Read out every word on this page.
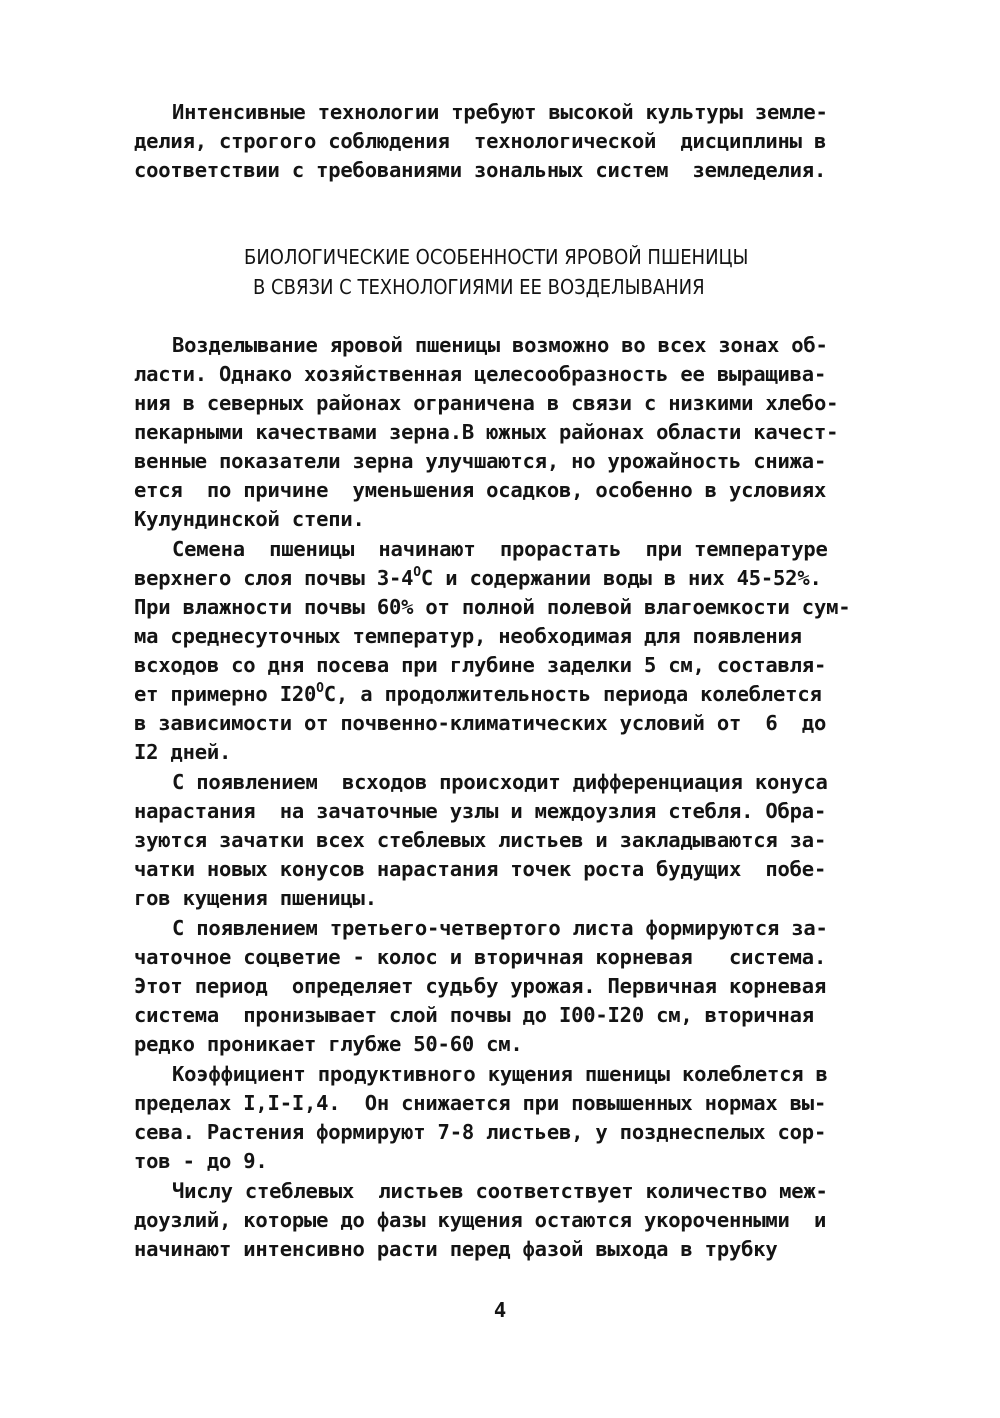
Интенсивные технологии требуют высокой культуры земле-
делия, строгого соблюдения  технологической  дисциплины в
соответствии с требованиями зональных систем  земледелия.
БИОЛОГИЧЕСКИЕ ОСОБЕННОСТИ ЯРОВОЙ ПШЕНИЦЫ
В СВЯЗИ С ТЕХНОЛОГИЯМИ ЕЕ ВОЗДЕЛЫВАНИЯ
Возделывание яровой пшеницы возможно во всех зонах об-
ласти. Однако хозяйственная целесообразность ее выращива-
ния в северных районах ограничена в связи с низкими хлебо-
пекарными качествами зерна.В южных районах области качест-
венные показатели зерна улучшаются, но урожайность снижа-
ется  по причине  уменьшения осадков, особенно в условиях
Кулундинской степи.
Семена  пшеницы  начинают  прорастать  при температуре
верхнего слоя почвы $3-4^ОС$ и содержании воды в них 45-52%.
При влажности почвы 60% от полной полевой влагоемкости сум-
ма среднесуточных температур, необходимая для появления
всходов со дня посева при глубине заделки 5 см, составля-
ет примерно $I20^ОС$, а продолжительность периода колеблется
в зависимости от почвенно-климатических условий от  6  до
I2 дней.
С появлением  всходов происходит дифференциация конуса
нарастания  на зачаточные узлы и междоузлия стебля. Обра-
зуются зачатки всех стеблевых листьев и закладываются за-
чатки новых конусов нарастания точек роста будущих  побе-
гов кущения пшеницы.
С появлением третьего-четвертого листа формируются за-
чаточное соцветие - колос и вторичная корневая   система.
Этот период  определяет судьбу урожая. Первичная корневая
система  пронизывает слой почвы до I00-I20 см, вторичная
редко проникает глубже 50-60 см.
Коэффициент продуктивного кущения пшеницы колеблется в
пределах I,I-I,4.  Он снижается при повышенных нормах вы-
сева. Растения формируют 7-8 листьев, у позднеспелых сор-
тов - до 9.
Числу стеблевых  листьев соответствует количество меж-
доузлий, которые до фазы кущения остаются укороченными  и
начинают интенсивно расти перед фазой выхода в трубку
4
